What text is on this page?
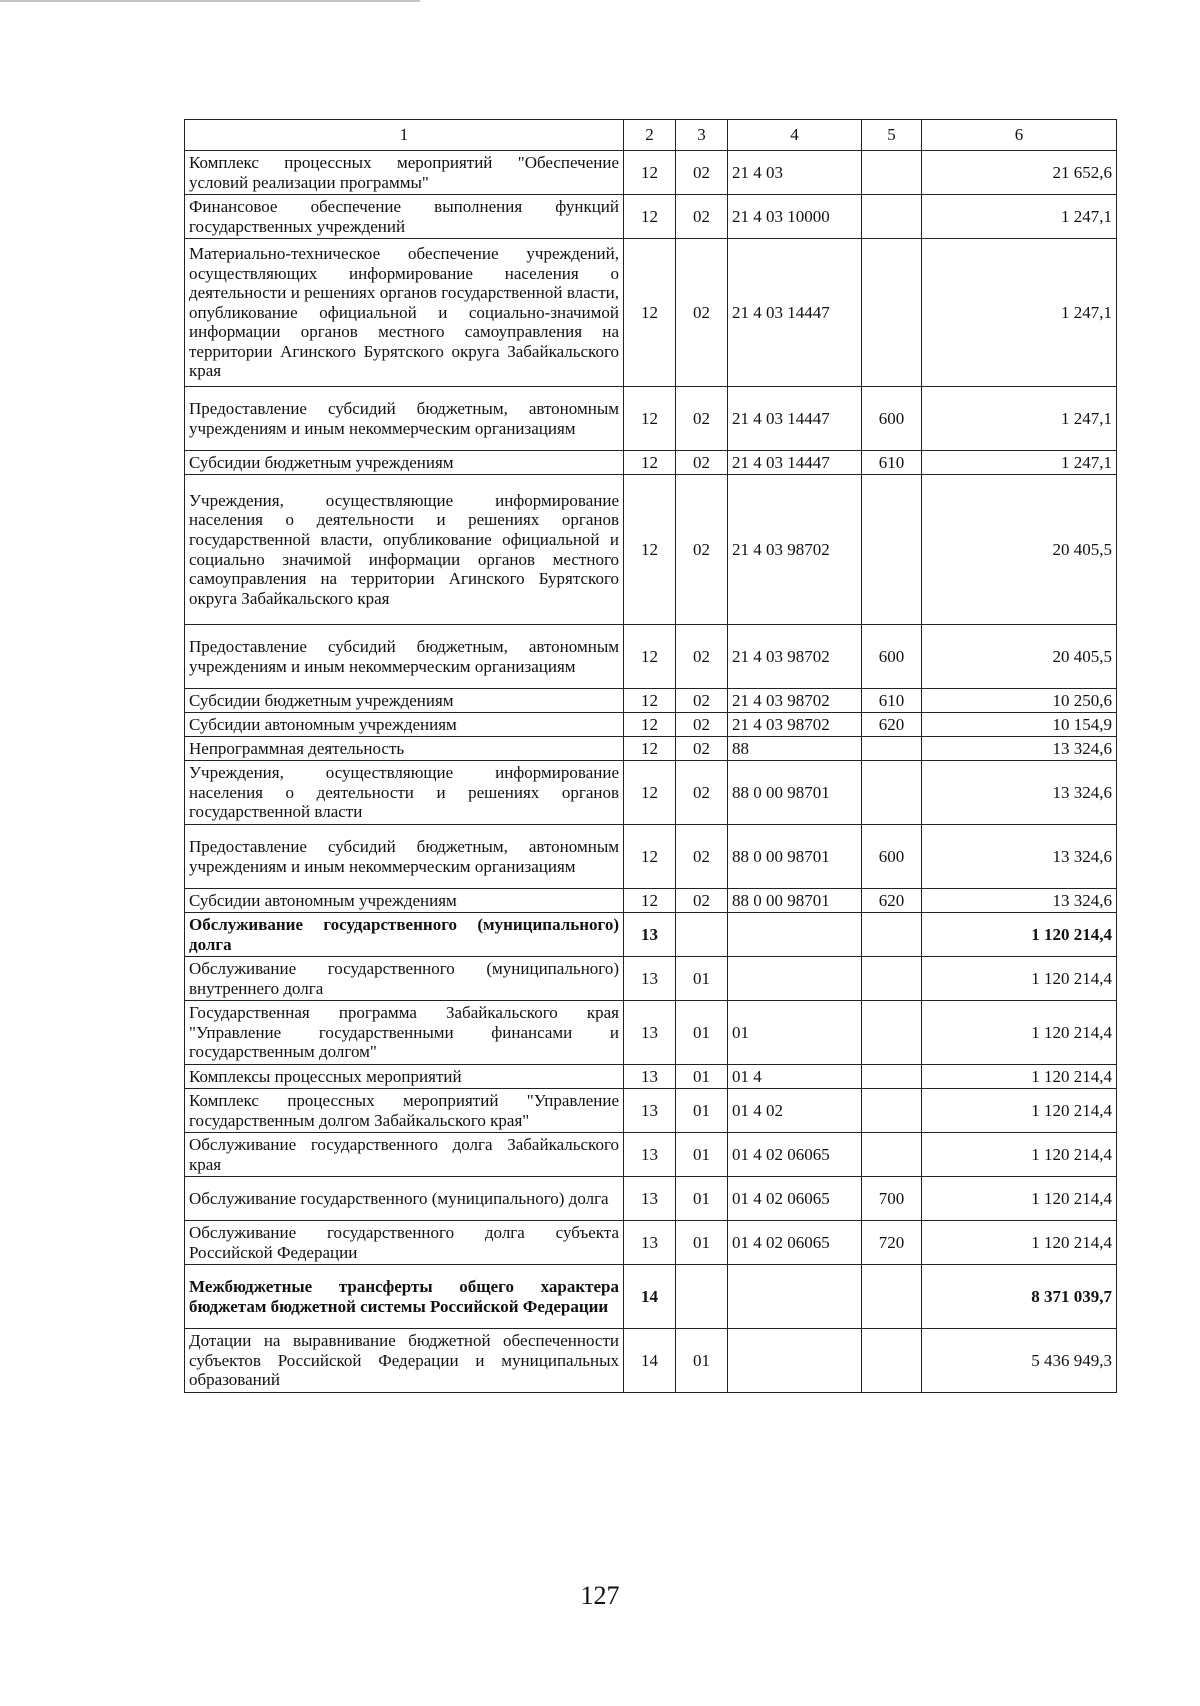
1	2	3	4	5	6
Комплекс процессных мероприятий "Обеспечение условий реализации программы"	12	02	21 4 03		21 652,6
Финансовое обеспечение выполнения функций государственных учреждений	12	02	21 4 03 10000		1 247,1
Материально-техническое обеспечение учреждений, осуществляющих информирование населения о деятельности и решениях органов государственной власти, опубликование официальной и социально-значимой информации органов местного самоуправления на территории Агинского Бурятского округа Забайкальского края	12	02	21 4 03 14447		1 247,1
Предоставление субсидий бюджетным, автономным учреждениям и иным некоммерческим организациям	12	02	21 4 03 14447	600	1 247,1
Субсидии бюджетным учреждениям	12	02	21 4 03 14447	610	1 247,1
Учреждения, осуществляющие информирование населения о деятельности и решениях органов государственной власти, опубликование официальной и социально значимой информации органов местного самоуправления на территории Агинского Бурятского округа Забайкальского края	12	02	21 4 03 98702		20 405,5
Предоставление субсидий бюджетным, автономным учреждениям и иным некоммерческим организациям	12	02	21 4 03 98702	600	20 405,5
Субсидии бюджетным учреждениям	12	02	21 4 03 98702	610	10 250,6
Субсидии автономным учреждениям	12	02	21 4 03 98702	620	10 154,9
Непрограммная деятельность	12	02	88		13 324,6
Учреждения, осуществляющие информирование населения о деятельности и решениях органов государственной власти	12	02	88 0 00 98701		13 324,6
Предоставление субсидий бюджетным, автономным учреждениям и иным некоммерческим организациям	12	02	88 0 00 98701	600	13 324,6
Субсидии автономным учреждениям	12	02	88 0 00 98701	620	13 324,6
Обслуживание государственного (муниципального) долга	13				1 120 214,4
Обслуживание государственного (муниципального) внутреннего долга	13	01			1 120 214,4
Государственная программа Забайкальского края "Управление государственными финансами и государственным долгом"	13	01	01		1 120 214,4
Комплексы процессных мероприятий	13	01	01 4		1 120 214,4
Комплекс процессных мероприятий "Управление государственным долгом Забайкальского края"	13	01	01 4 02		1 120 214,4
Обслуживание государственного долга Забайкальского края	13	01	01 4 02 06065		1 120 214,4
Обслуживание государственного (муниципального) долга	13	01	01 4 02 06065	700	1 120 214,4
Обслуживание государственного долга субъекта Российской Федерации	13	01	01 4 02 06065	720	1 120 214,4
Межбюджетные трансферты общего характера бюджетам бюджетной системы Российской Федерации	14				8 371 039,7
Дотации на выравнивание бюджетной обеспеченности субъектов Российской Федерации и муниципальных образований	14	01			5 436 949,3
127
